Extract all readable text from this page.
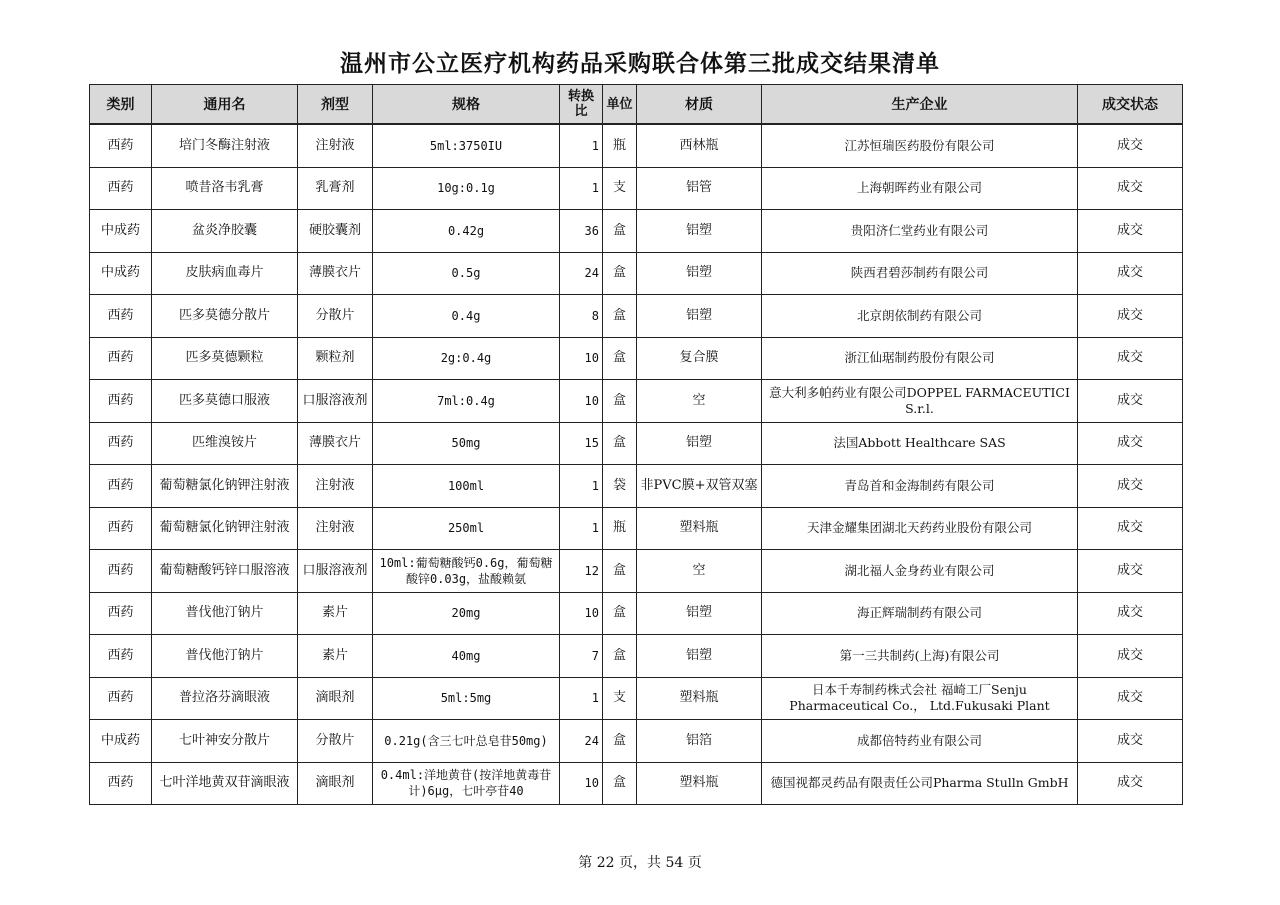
温州市公立医疗机构药品采购联合体第三批成交结果清单
类别	通用名	剂型	规格	转换比	单位	材质	生产企业	成交状态
西药	培门冬酶注射液	注射液	5ml:3750IU	1	瓶	西林瓶	江苏恒瑞医药股份有限公司	成交
西药	喷昔洛韦乳膏	乳膏剂	10g:0.1g	1	支	铝管	上海朝晖药业有限公司	成交
中成药	盆炎净胶囊	硬胶囊剂	0.42g	36	盒	铝塑	贵阳济仁堂药业有限公司	成交
中成药	皮肤病血毒片	薄膜衣片	0.5g	24	盒	铝塑	陕西君碧莎制药有限公司	成交
西药	匹多莫德分散片	分散片	0.4g	8	盒	铝塑	北京朗依制药有限公司	成交
西药	匹多莫德颗粒	颗粒剂	2g:0.4g	10	盒	复合膜	浙江仙琚制药股份有限公司	成交
西药	匹多莫德口服液	口服溶液剂	7ml:0.4g	10	盒	空	意大利多帕药业有限公司DOPPEL FARMACEUTICI S.r.l.	成交
西药	匹维溴铵片	薄膜衣片	50mg	15	盒	铝塑	法国Abbott Healthcare SAS	成交
西药	葡萄糖氯化钠钾注射液	注射液	100ml	1	袋	非PVC膜+双管双塞	青岛首和金海制药有限公司	成交
西药	葡萄糖氯化钠钾注射液	注射液	250ml	1	瓶	塑料瓶	天津金耀集团湖北天药药业股份有限公司	成交
西药	葡萄糖酸钙锌口服溶液	口服溶液剂	10ml:葡萄糖酸钙0.6g，葡萄糖酸锌0.03g，盐酸赖氨	12	盒	空	湖北福人金身药业有限公司	成交
西药	普伐他汀钠片	素片	20mg	10	盒	铝塑	海正辉瑞制药有限公司	成交
西药	普伐他汀钠片	素片	40mg	7	盒	铝塑	第一三共制药(上海)有限公司	成交
西药	普拉洛芬滴眼液	滴眼剂	5ml:5mg	1	支	塑料瓶	日本千寿制药株式会社 福崎工厂Senju Pharmaceutical Co.， Ltd.Fukusaki Plant	成交
中成药	七叶神安分散片	分散片	0.21g(含三七叶总皂苷50mg)	24	盒	铝箔	成都倍特药业有限公司	成交
西药	七叶洋地黄双苷滴眼液	滴眼剂	0.4ml:洋地黄苷(按洋地黄毒苷计)6μg，七叶亭苷40	10	盒	塑料瓶	德国视都灵药品有限责任公司Pharma Stulln GmbH	成交
第 22 页，共 54 页
